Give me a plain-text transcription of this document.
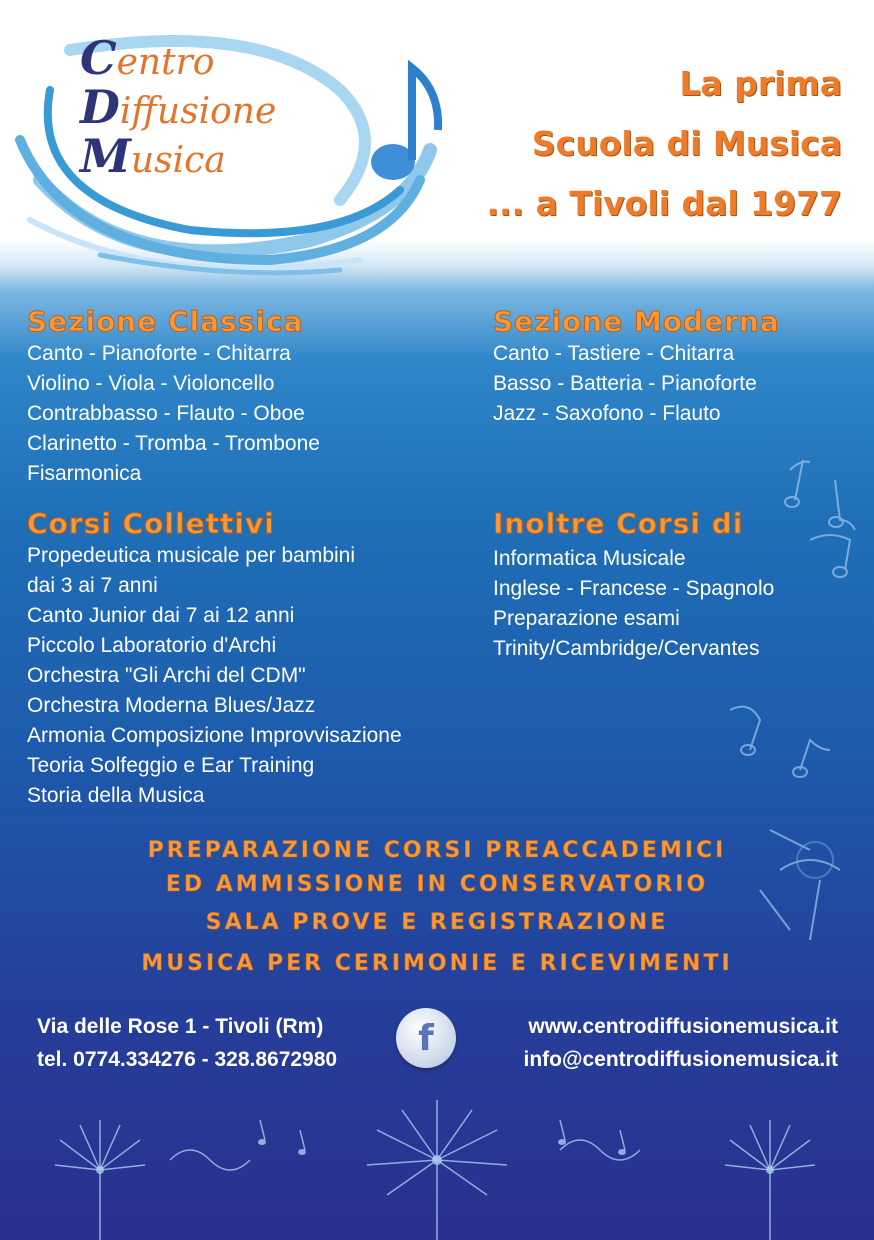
Centro
Diffusione
Musica
La prima
Scuola di Musica
... a Tivoli dal 1977
Sezione Classica
Canto - Pianoforte - Chitarra
Violino - Viola - Violoncello
Contrabbasso - Flauto - Oboe
Clarinetto - Tromba - Trombone
Fisarmonica
Sezione Moderna
Canto - Tastiere - Chitarra
Basso - Batteria - Pianoforte
Jazz - Saxofono - Flauto
Corsi Collettivi
Propedeutica musicale per bambini
dai 3 ai 7 anni
Canto Junior dai 7 ai 12 anni
Piccolo Laboratorio d'Archi
Orchestra "Gli Archi del CDM"
Orchestra Moderna Blues/Jazz
Armonia Composizione Improvvisazione
Teoria Solfeggio e Ear Training
Storia della Musica
Inoltre Corsi di
Informatica Musicale
Inglese - Francese - Spagnolo
Preparazione esami
Trinity/Cambridge/Cervantes
PREPARAZIONE CORSI PREACCADEMICI
ED AMMISSIONE IN CONSERVATORIO
SALA PROVE E REGISTRAZIONE
MUSICA PER CERIMONIE E RICEVIMENTI
Via delle Rose 1 - Tivoli (Rm)
tel. 0774.334276 - 328.8672980
f	www.centrodiffusionemusica.it
info@centrodiffusionemusica.it
